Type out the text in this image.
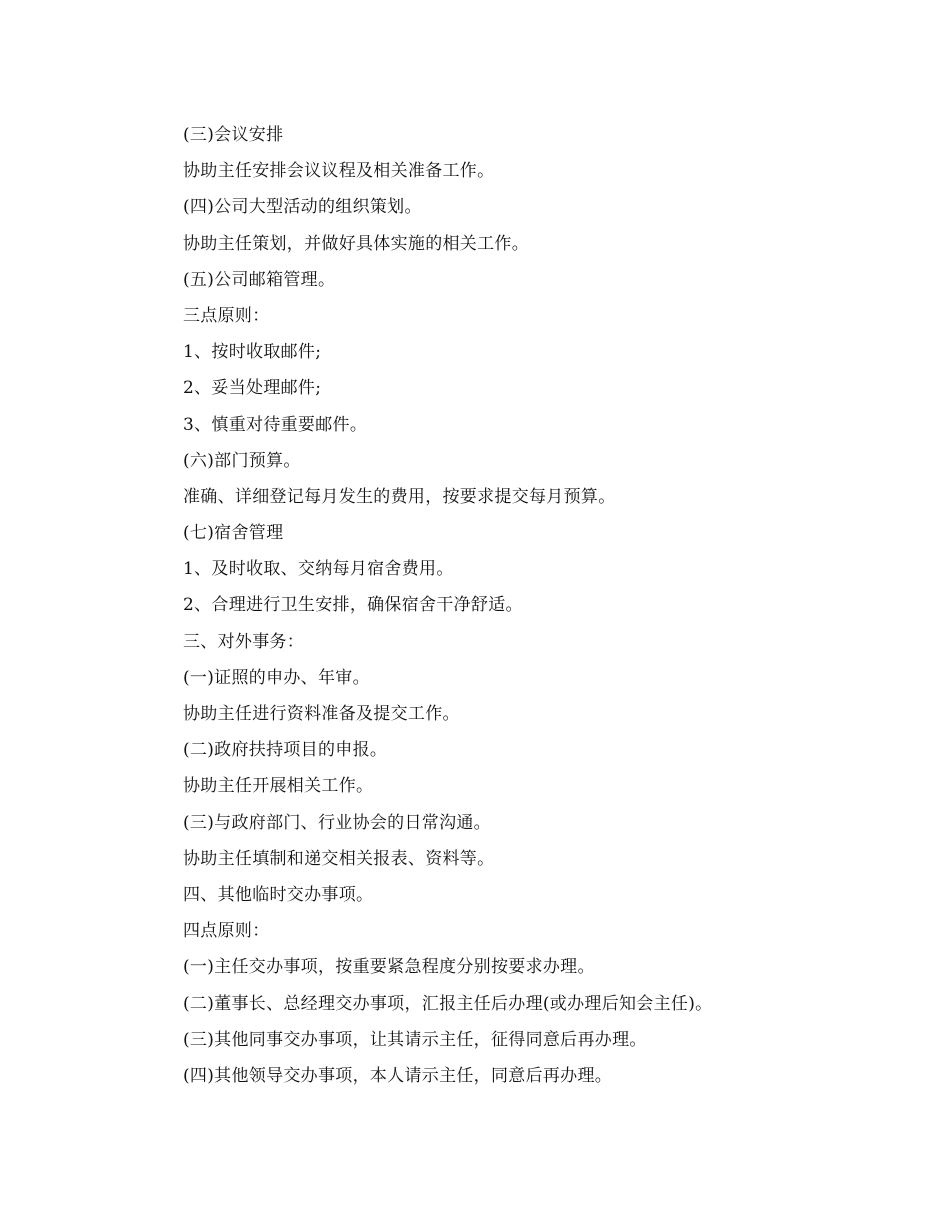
(三)会议安排
协助主任安排会议议程及相关准备工作。
(四)公司大型活动的组织策划。
协助主任策划，并做好具体实施的相关工作。
(五)公司邮箱管理。
三点原则：
1、按时收取邮件;
2、妥当处理邮件;
3、慎重对待重要邮件。
(六)部门预算。
准确、详细登记每月发生的费用，按要求提交每月预算。
(七)宿舍管理
1、及时收取、交纳每月宿舍费用。
2、合理进行卫生安排，确保宿舍干净舒适。
三、对外事务：
(一)证照的申办、年审。
协助主任进行资料准备及提交工作。
(二)政府扶持项目的申报。
协助主任开展相关工作。
(三)与政府部门、行业协会的日常沟通。
协助主任填制和递交相关报表、资料等。
四、其他临时交办事项。
四点原则：
(一)主任交办事项，按重要紧急程度分别按要求办理。
(二)董事长、总经理交办事项，汇报主任后办理(或办理后知会主任)。
(三)其他同事交办事项，让其请示主任，征得同意后再办理。
(四)其他领导交办事项，本人请示主任，同意后再办理。
